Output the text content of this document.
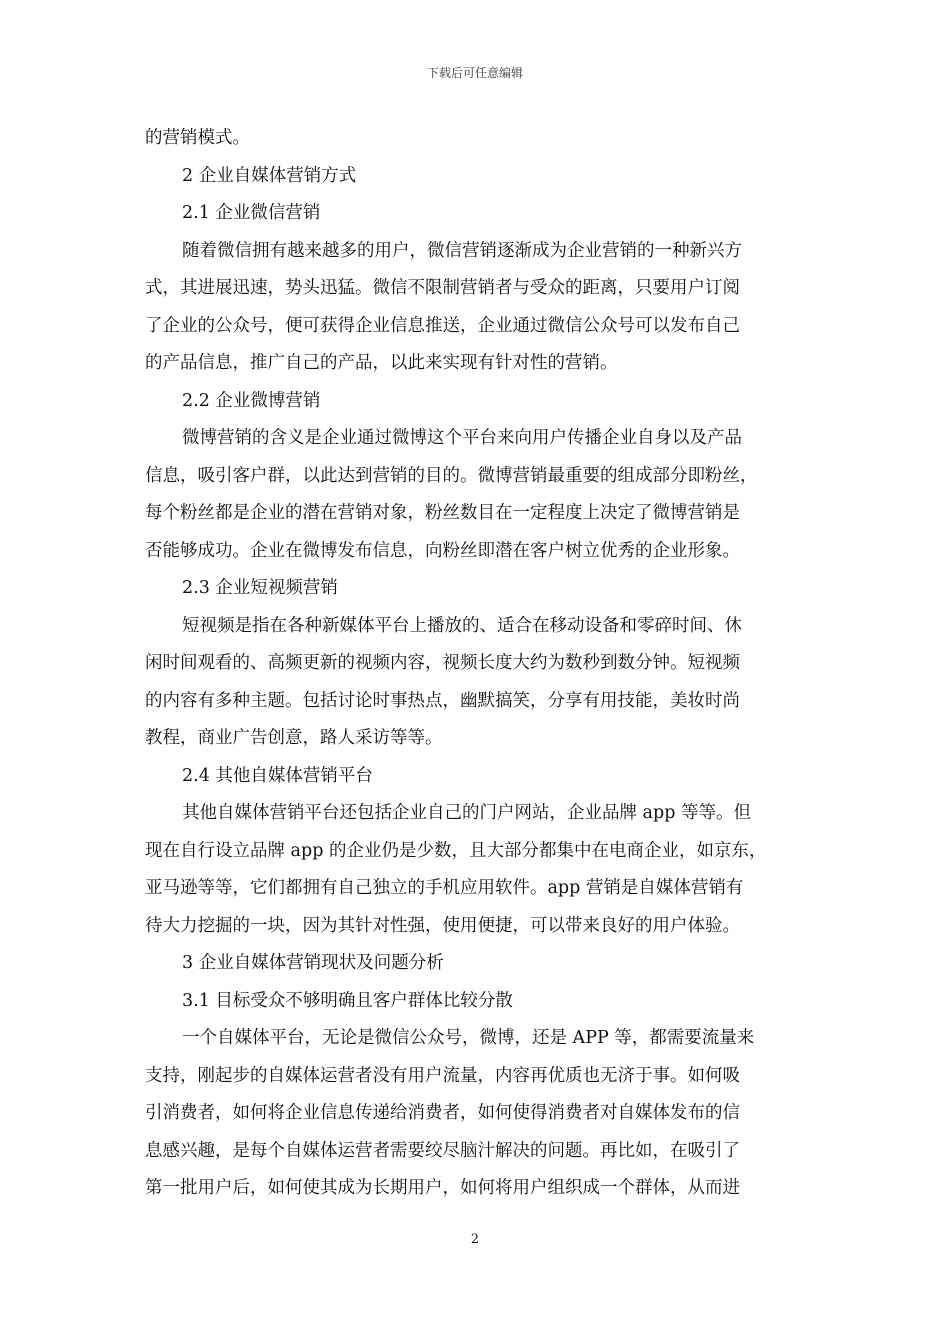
下载后可任意编辑
的营销模式。
2 企业自媒体营销方式
2.1 企业微信营销
随着微信拥有越来越多的用户，微信营销逐渐成为企业营销的一种新兴方
式，其进展迅速，势头迅猛。微信不限制营销者与受众的距离，只要用户订阅
了企业的公众号，便可获得企业信息推送，企业通过微信公众号可以发布自己
的产品信息，推广自己的产品，以此来实现有针对性的营销。
2.2 企业微博营销
微博营销的含义是企业通过微博这个平台来向用户传播企业自身以及产品
信息，吸引客户群，以此达到营销的目的。微博营销最重要的组成部分即粉丝，
每个粉丝都是企业的潜在营销对象，粉丝数目在一定程度上决定了微博营销是
否能够成功。企业在微博发布信息，向粉丝即潜在客户树立优秀的企业形象。
2.3 企业短视频营销
短视频是指在各种新媒体平台上播放的、适合在移动设备和零碎时间、休
闲时间观看的、高频更新的视频内容，视频长度大约为数秒到数分钟。短视频
的内容有多种主题。包括讨论时事热点，幽默搞笑，分享有用技能，美妆时尚
教程，商业广告创意，路人采访等等。
2.4 其他自媒体营销平台
其他自媒体营销平台还包括企业自己的门户网站，企业品牌 app 等等。但
现在自行设立品牌 app 的企业仍是少数，且大部分都集中在电商企业，如京东，
亚马逊等等，它们都拥有自己独立的手机应用软件。app 营销是自媒体营销有
待大力挖掘的一块，因为其针对性强，使用便捷，可以带来良好的用户体验。
3 企业自媒体营销现状及问题分析
3.1 目标受众不够明确且客户群体比较分散
一个自媒体平台，无论是微信公众号，微博，还是 APP 等，都需要流量来
支持，刚起步的自媒体运营者没有用户流量，内容再优质也无济于事。如何吸
引消费者，如何将企业信息传递给消费者，如何使得消费者对自媒体发布的信
息感兴趣，是每个自媒体运营者需要绞尽脑汁解决的问题。再比如，在吸引了
第一批用户后，如何使其成为长期用户，如何将用户组织成一个群体，从而进
2
